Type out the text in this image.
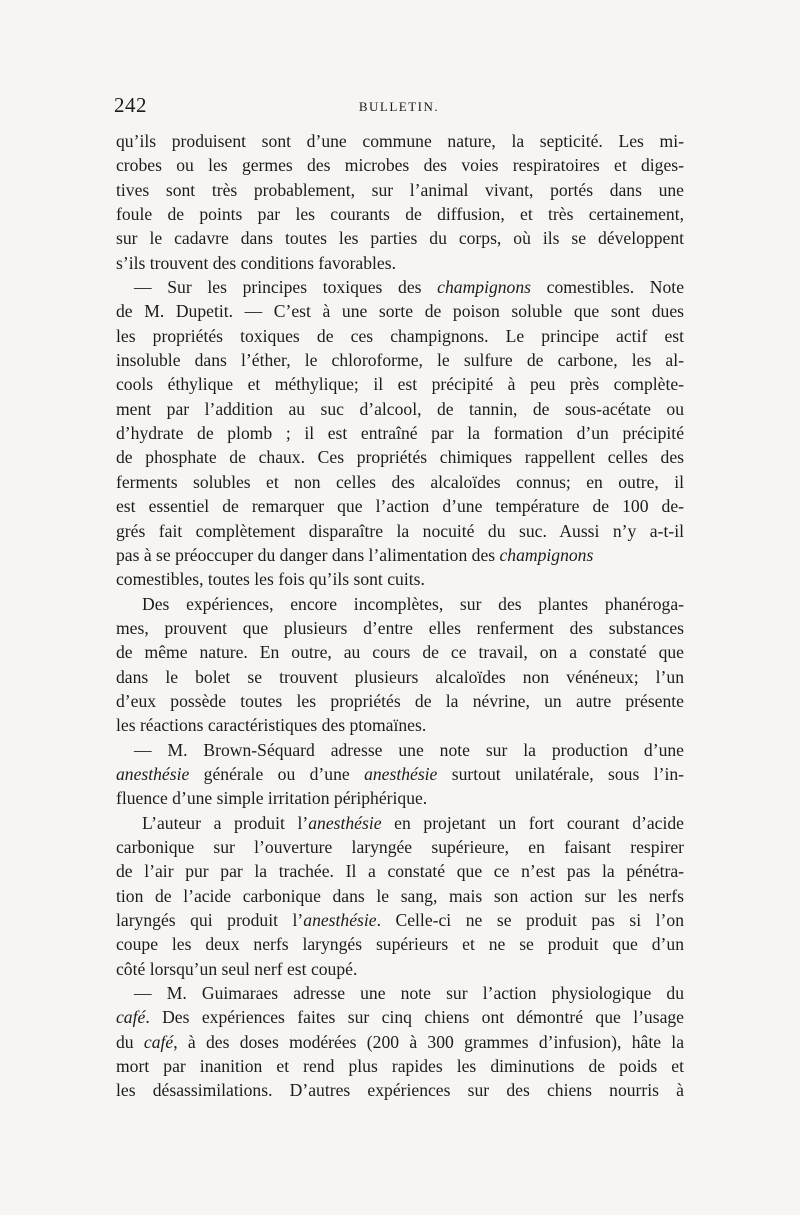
242	BULLETIN.
qu’ils produisent sont d’une commune nature, la septicité. Les mi-
crobes ou les germes des microbes des voies respiratoires et diges-
tives sont très probablement, sur l’animal vivant, portés dans une
foule de points par les courants de diffusion, et très certainement,
sur le cadavre dans toutes les parties du corps, où ils se développent
s’ils trouvent des conditions favorables.
— Sur les principes toxiques des champignons comestibles. Note
de M. Dupetit. — C’est à une sorte de poison soluble que sont dues
les propriétés toxiques de ces champignons. Le principe actif est
insoluble dans l’éther, le chloroforme, le sulfure de carbone, les al-
cools éthylique et méthylique; il est précipité à peu près complète-
ment par l’addition au suc d’alcool, de tannin, de sous-acétate ou
d’hydrate de plomb ; il est entraîné par la formation d’un précipité
de phosphate de chaux. Ces propriétés chimiques rappellent celles des
ferments solubles et non celles des alcaloïdes connus; en outre, il
est essentiel de remarquer que l’action d’une température de 100 de-
grés fait complètement disparaître la nocuité du suc. Aussi n’y a-t-il
pas à se préoccuper du danger dans l’alimentation des champignons
comestibles, toutes les fois qu’ils sont cuits.
Des expériences, encore incomplètes, sur des plantes phanéroga-
mes, prouvent que plusieurs d’entre elles renferment des substances
de même nature. En outre, au cours de ce travail, on a constaté que
dans le bolet se trouvent plusieurs alcaloïdes non vénéneux; l’un
d’eux possède toutes les propriétés de la névrine, un autre présente
les réactions caractéristiques des ptomaïnes.
— M. Brown-Séquard adresse une note sur la production d’une
anesthésie générale ou d’une anesthésie surtout unilatérale, sous l’in-
fluence d’une simple irritation périphérique.
L’auteur a produit l’anesthésie en projetant un fort courant d’acide
carbonique sur l’ouverture laryngée supérieure, en faisant respirer
de l’air pur par la trachée. Il a constaté que ce n’est pas la pénétra-
tion de l’acide carbonique dans le sang, mais son action sur les nerfs
laryngés qui produit l’anesthésie. Celle-ci ne se produit pas si l’on
coupe les deux nerfs laryngés supérieurs et ne se produit que d’un
côté lorsqu’un seul nerf est coupé.
— M. Guimaraes adresse une note sur l’action physiologique du
café. Des expériences faites sur cinq chiens ont démontré que l’usage
du café, à des doses modérées (200 à 300 grammes d’infusion), hâte la
mort par inanition et rend plus rapides les diminutions de poids et
les désassimilations. D’autres expériences sur des chiens nourris à
